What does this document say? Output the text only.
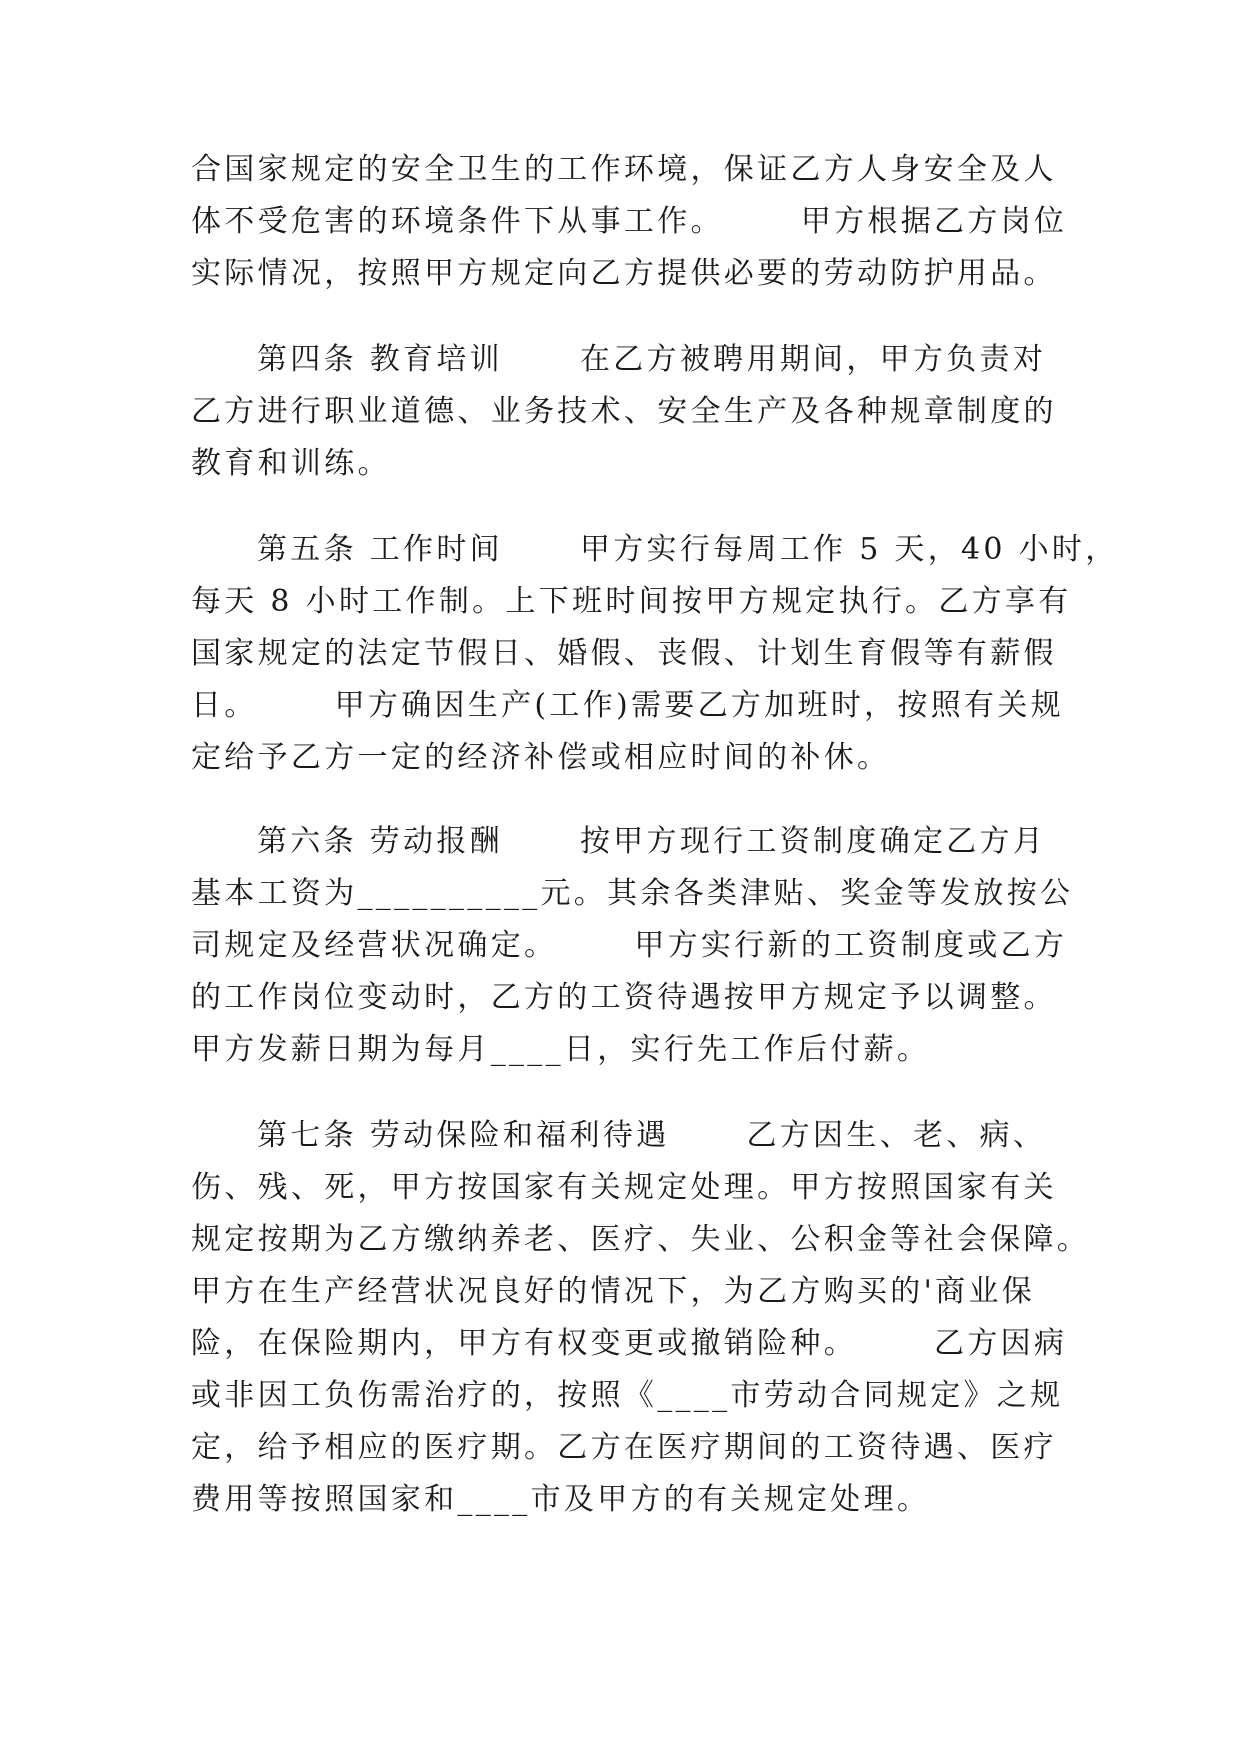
合国家规定的安全卫生的工作环境，保证乙方人身安全及人

体不受危害的环境条件下从事工作。      甲方根据乙方岗位

实际情况，按照甲方规定向乙方提供必要的劳动防护用品。

第四条 教育培训      在乙方被聘用期间，甲方负责对

乙方进行职业道德、业务技术、安全生产及各种规章制度的

教育和训练。

第五条 工作时间      甲方实行每周工作 5 天，40 小时，

每天 8 小时工作制。上下班时间按甲方规定执行。乙方享有

国家规定的法定节假日、婚假、丧假、计划生育假等有薪假

日。      甲方确因生产(工作)需要乙方加班时，按照有关规

定给予乙方一定的经济补偿或相应时间的补休。

第六条 劳动报酬      按甲方现行工资制度确定乙方月

基本工资为__________元。其余各类津贴、奖金等发放按公

司规定及经营状况确定。      甲方实行新的工资制度或乙方

的工作岗位变动时，乙方的工资待遇按甲方规定予以调整。

甲方发薪日期为每月____日，实行先工作后付薪。

第七条 劳动保险和福利待遇      乙方因生、老、病、

伤、残、死，甲方按国家有关规定处理。甲方按照国家有关

规定按期为乙方缴纳养老、医疗、失业、公积金等社会保障。

甲方在生产经营状况良好的情况下，为乙方购买的'商业保

险，在保险期内，甲方有权变更或撤销险种。      乙方因病

或非因工负伤需治疗的，按照《____市劳动合同规定》之规

定，给予相应的医疗期。乙方在医疗期间的工资待遇、医疗

费用等按照国家和____市及甲方的有关规定处理。
